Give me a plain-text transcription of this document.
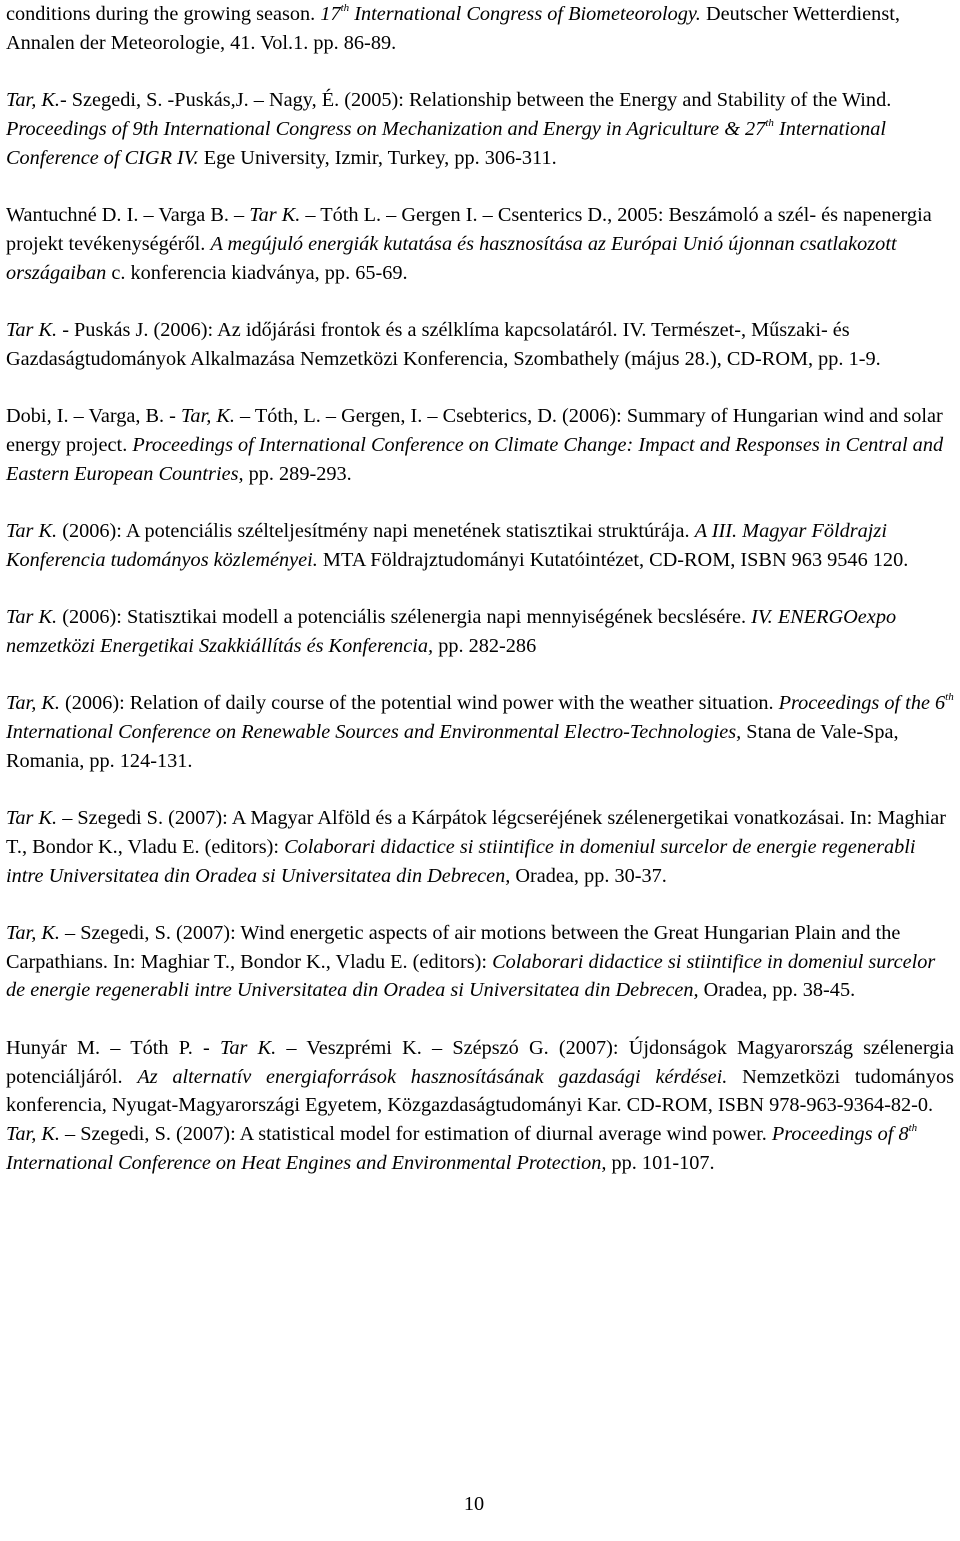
conditions during the growing season. 17th International Congress of Biometeorology. Deutscher Wetterdienst, Annalen der Meteorologie, 41. Vol.1. pp. 86-89.

Tar, K.- Szegedi, S. -Puskás,J. – Nagy, É. (2005): Relationship between the Energy and Stability of the Wind. Proceedings of 9th International Congress on Mechanization and Energy in Agriculture & 27th International Conference of CIGR IV. Ege University, Izmir, Turkey, pp. 306-311.

Wantuchné D. I. – Varga B. – Tar K. – Tóth L. – Gergen I. – Csenterics D., 2005: Beszámoló a szél- és napenergia projekt tevékenységéről. A megújuló energiák kutatása és hasznosítása az Európai Unió újonnan csatlakozott országaiban c. konferencia kiadványa, pp. 65-69.

Tar K. - Puskás J. (2006): Az időjárási frontok és a szélklíma kapcsolatáról. IV. Természet-, Műszaki- és Gazdaságtudományok Alkalmazása Nemzetközi Konferencia, Szombathely (május 28.), CD-ROM, pp. 1-9.

Dobi, I. – Varga, B. - Tar, K. – Tóth, L. – Gergen, I. – Csebterics, D. (2006): Summary of Hungarian wind and solar energy project. Proceedings of International Conference on Climate Change: Impact and Responses in Central and Eastern European Countries, pp. 289-293.

Tar K. (2006): A potenciális szélteljesítmény napi menetének statisztikai struktúrája. A III. Magyar Földrajzi Konferencia tudományos közleményei. MTA Földrajztudományi Kutatóintézet, CD-ROM, ISBN 963 9546 120.

Tar K. (2006): Statisztikai modell a potenciális szélenergia napi mennyiségének becslésére. IV. ENERGOexpo nemzetközi Energetikai Szakkiállítás és Konferencia, pp. 282-286

Tar, K. (2006): Relation of daily course of the potential wind power with the weather situation. Proceedings of the 6th International Conference on Renewable Sources and Environmental Electro-Technologies, Stana de Vale-Spa, Romania, pp. 124-131.

Tar K. – Szegedi S. (2007): A Magyar Alföld és a Kárpátok légcseréjének szélenergetikai vonatkozásai. In: Maghiar T., Bondor K., Vladu E. (editors): Colaborari didactice si stiintifice in domeniul surcelor de energie regenerabli intre Universitatea din Oradea si Universitatea din Debrecen, Oradea, pp. 30-37.

Tar, K. – Szegedi, S. (2007): Wind energetic aspects of air motions between the Great Hungarian Plain and the Carpathians. In: Maghiar T., Bondor K., Vladu E. (editors): Colaborari didactice si stiintifice in domeniul surcelor de energie regenerabli intre Universitatea din Oradea si Universitatea din Debrecen, Oradea, pp. 38-45.

Hunyár M. – Tóth P. - Tar K. – Veszprémi K. – Szépszó G. (2007): Újdonságok Magyarország szélenergia potenciáljáról. Az alternatív energiaforrások hasznosításának gazdasági kérdései. Nemzetközi tudományos konferencia, Nyugat-Magyarországi Egyetem, Közgazdaságtudományi Kar. CD-ROM, ISBN 978-963-9364-82-0.

Tar, K. – Szegedi, S. (2007): A statistical model for estimation of diurnal average wind power. Proceedings of 8th International Conference on Heat Engines and Environmental Protection, pp. 101-107.

10
